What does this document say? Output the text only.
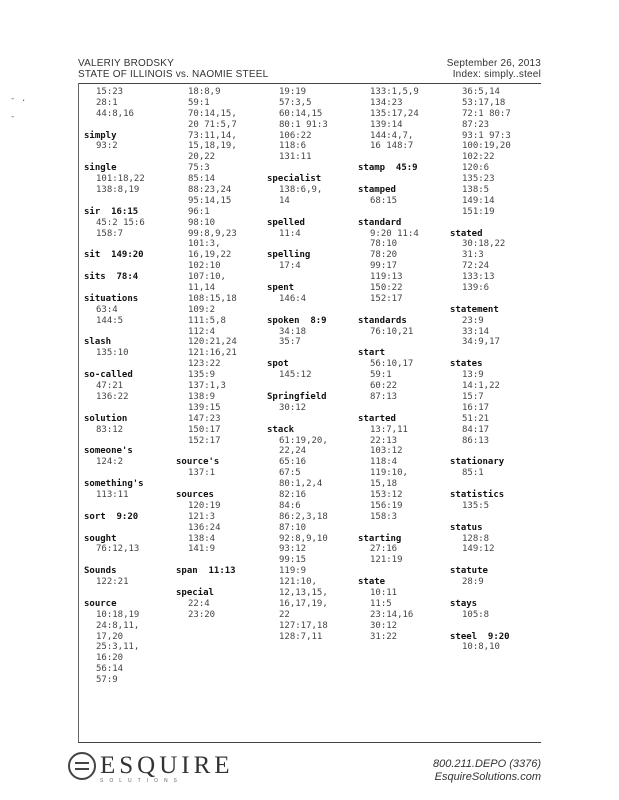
VALERIY BRODSKY
STATE OF ILLINOIS vs. NAOMIE STEEL
September 26, 2013
Index: simply..steel
- .

-
15:23
28:1
44:8,16
simply
93:2
single
101:18,22
138:8,19
sir  16:15
45:2 15:6
158:7
sit  149:20
sits  78:4
situations
63:4
144:5
slash
135:10
so-called
47:21
136:22
solution
83:12
someone's
124:2
something's
113:11
sort  9:20
sought
76:12,13
Sounds
122:21
source
10:18,19
24:8,11,
17,20
25:3,11,
16:20
56:14
57:9
18:8,9
59:1
70:14,15,
20 71:5,7
73:11,14,
15,18,19,
20,22
75:3
85:14
88:23,24
95:14,15
96:1
98:10
99:8,9,23
101:3,
16,19,22
102:10
107:10,
11,14
108:15,18
109:2
111:5,8
112:4
120:21,24
121:16,21
123:22
135:9
137:1,3
138:9
139:15
147:23
150:17
152:17
source's
137:1
sources
120:19
121:3
136:24
138:4
141:9
span  11:13
special
22:4
23:20
19:19
57:3,5
60:14,15
80:1 91:3
106:22
118:6
131:11
specialist
138:6,9,
14
spelled
11:4
spelling
17:4
spent
146:4
spoken  8:9
34:18
35:7
spot
145:12
Springfield
30:12
stack
61:19,20,
22,24
65:16
67:5
80:1,2,4
82:16
84:6
86:2,3,18
87:10
92:8,9,10
93:12
99:15
119:9
121:10,
12,13,15,
16,17,19,
22
127:17,18
128:7,11
133:1,5,9
134:23
135:17,24
139:14
144:4,7,
16 148:7
stamp  45:9
stamped
68:15
standard
9:20 11:4
78:10
78:20
99:17
119:13
150:22
152:17
standards
76:10,21
start
56:10,17
59:1
60:22
87:13
started
13:7,11
22:13
103:12
118:4
119:10,
15,18
153:12
156:19
158:3
starting
27:16
121:19
state
10:11
11:5
23:14,16
30:12
31:22
36:5,14
53:17,18
72:1 80:7
87:23
93:1 97:3
100:19,20
102:22
120:6
135:23
138:5
149:14
151:19
stated
30:18,22
31:3
72:24
133:13
139:6
statement
23:9
33:14
34:9,17
states
13:9
14:1,22
15:7
16:17
51:21
84:17
86:13
stationary
85:1
statistics
135:5
status
128:8
149:12
statute
28:9
stays
105:8
steel  9:20
10:8,10
ESQUIRE
SOLUTIONS
800.211.DEPO (3376)
EsquireSolutions.com
